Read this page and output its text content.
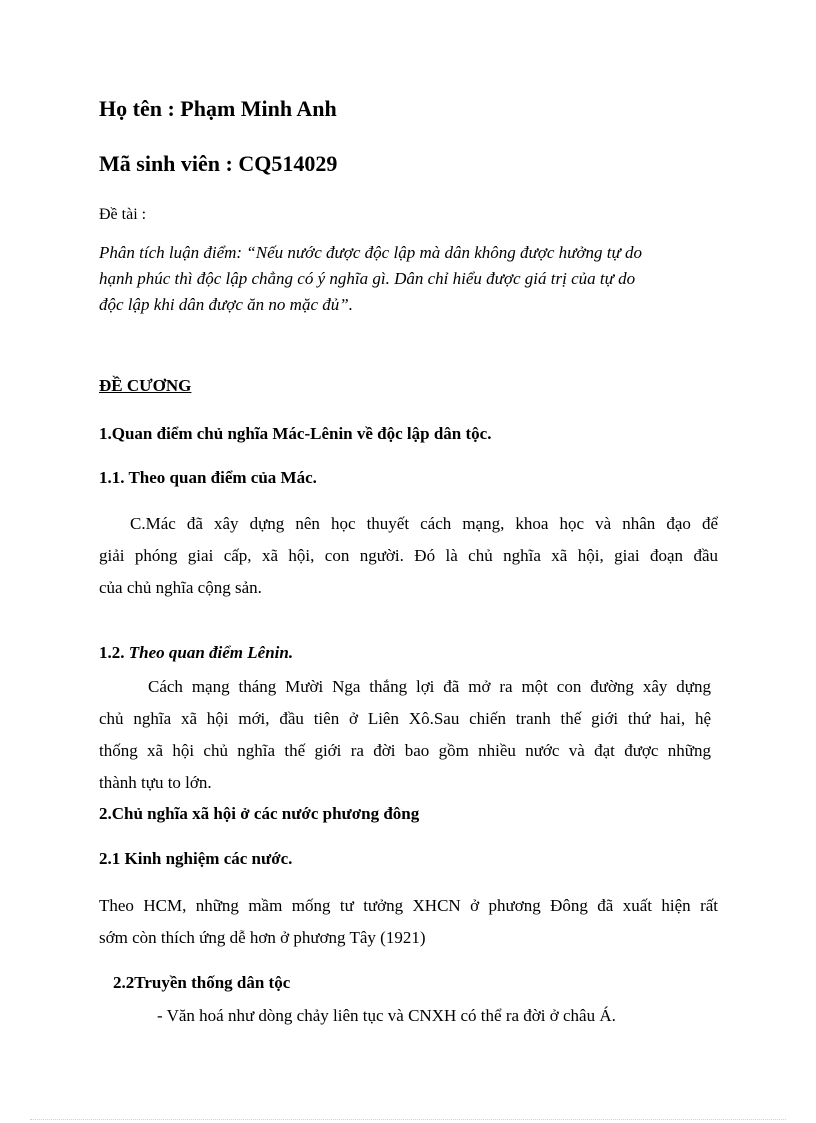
Họ tên : Phạm Minh Anh
Mã sinh viên : CQ514029
Đề tài :
Phân tích luận điểm: “Nếu nước được độc lập mà dân không được hưởng tự do
hạnh phúc thì độc lập chẳng có ý nghĩa gì. Dân chỉ hiểu được giá trị của tự do
độc lập khi dân được ăn no mặc đủ”.
ĐỀ CƯƠNG
1.Quan điểm chủ nghĩa Mác-Lênin về độc lập dân tộc.
1.1. Theo quan điểm của Mác.
C.Mác đã xây dựng nên học thuyết cách mạng, khoa học và nhân đạo để
giải phóng giai cấp, xã hội, con người. Đó là chủ nghĩa xã hội, giai đoạn đầu
của chủ nghĩa cộng sản.
1.2. Theo quan điểm Lênin.
Cách mạng tháng Mười Nga thắng lợi đã mở ra một con đường xây dựng
chủ nghĩa xã hội mới, đầu tiên ở Liên Xô.Sau chiến tranh thế giới thứ hai, hệ
thống xã hội chủ nghĩa thế giới ra đời bao gồm nhiều nước và đạt được những
thành tựu to lớn.
2.Chủ nghĩa xã hội ở các nước phương đông
2.1 Kinh nghiệm các nước.
Theo HCM, những mầm mống tư tưởng XHCN ở phương Đông đã xuất hiện rất
sớm còn thích ứng dễ hơn ở phương Tây (1921)
2.2Truyền thống dân tộc
- Văn hoá như dòng chảy liên tục và CNXH có thể ra đời ở châu Á.
